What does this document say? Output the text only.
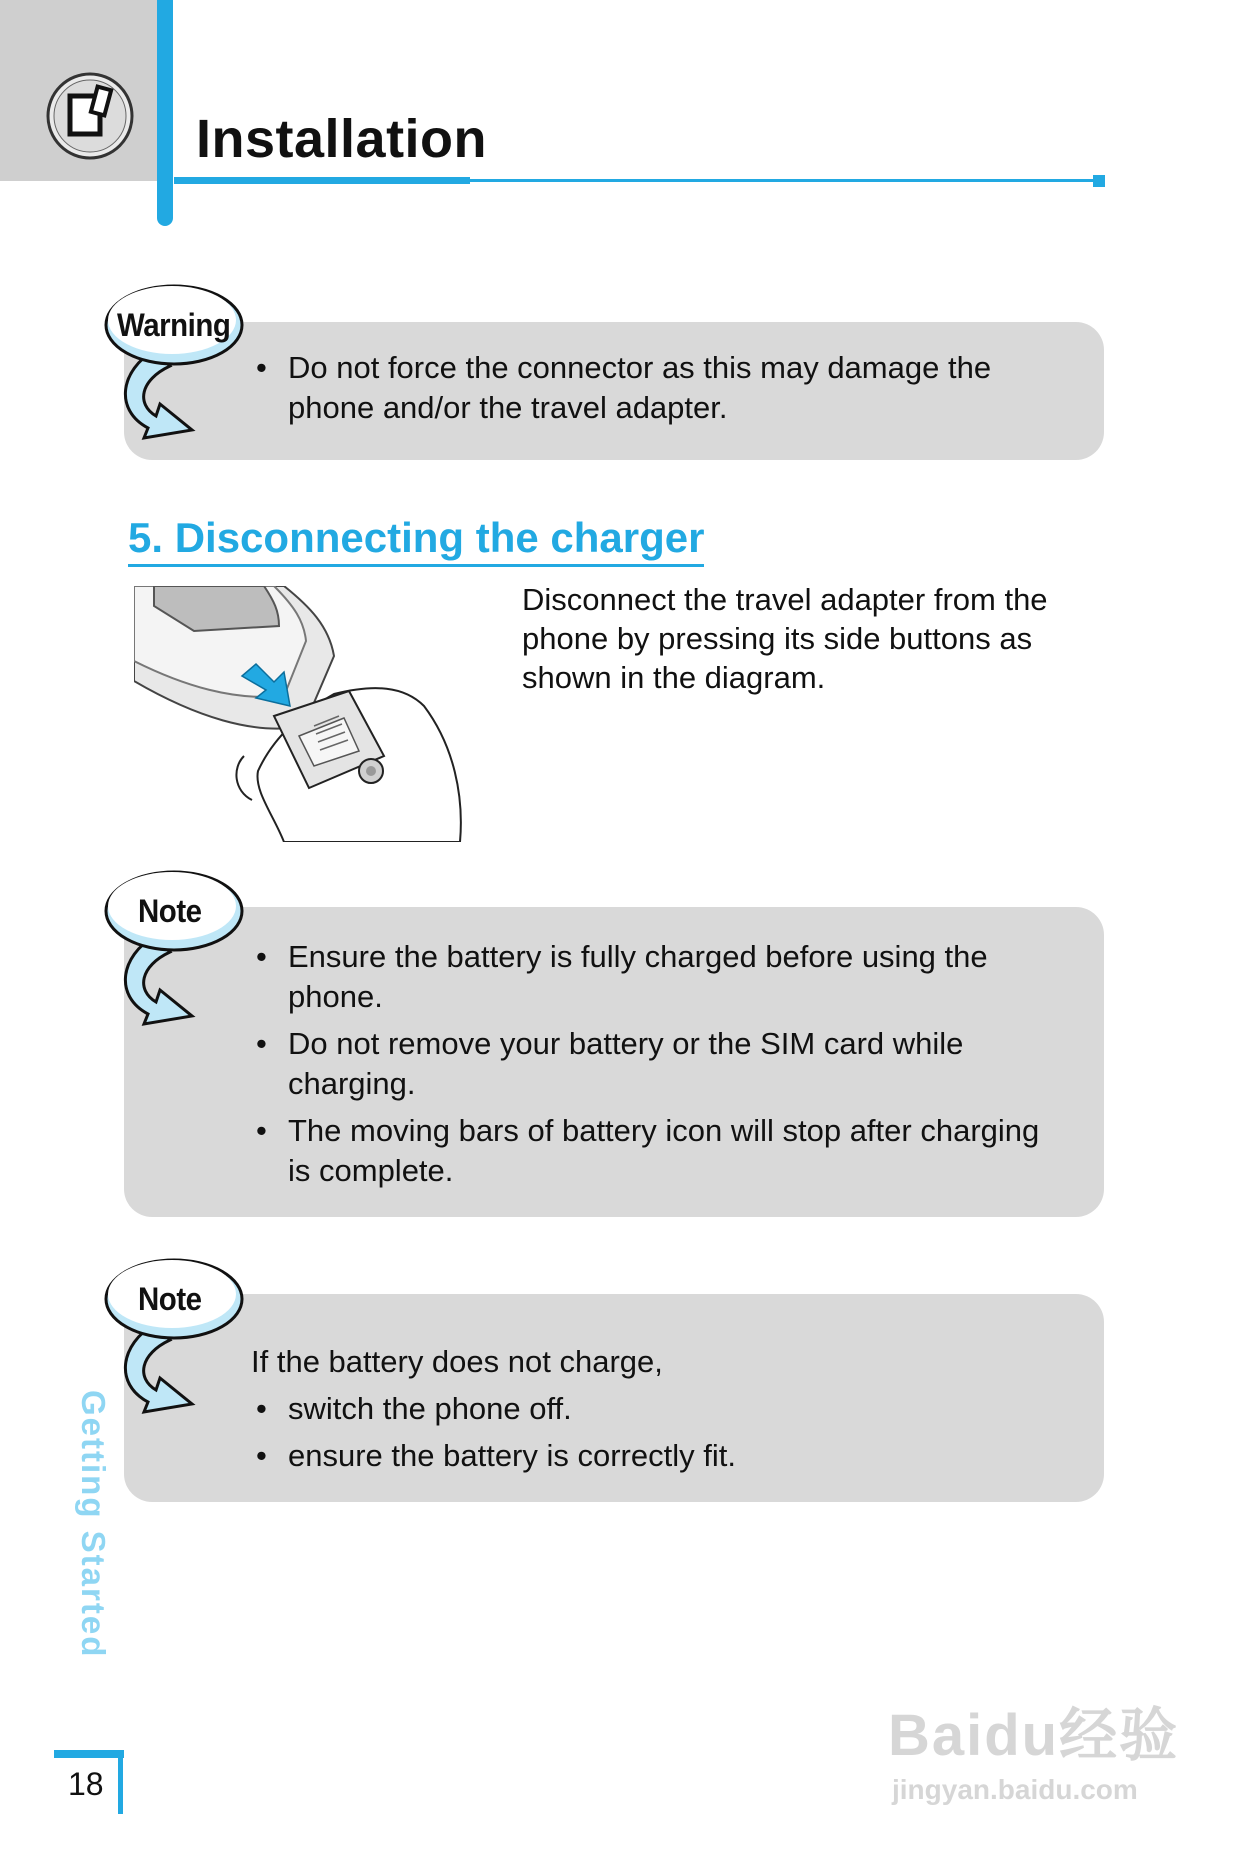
Installation
• Do not force the connector as this may damage the phone and/or the travel adapter.
Warning
5. Disconnecting the charger
Disconnect the travel adapter from the phone by pressing its side buttons as shown in the diagram.
• Ensure the battery is fully charged before using the phone.
• Do not remove your battery or the SIM card while charging.
• The moving bars of battery icon will stop after charging is complete.
Note
If the battery does not charge,
• switch the phone off.
• ensure the battery is correctly fit.
Note
Getting Started
18
Baidu经验
jingyan.baidu.com
